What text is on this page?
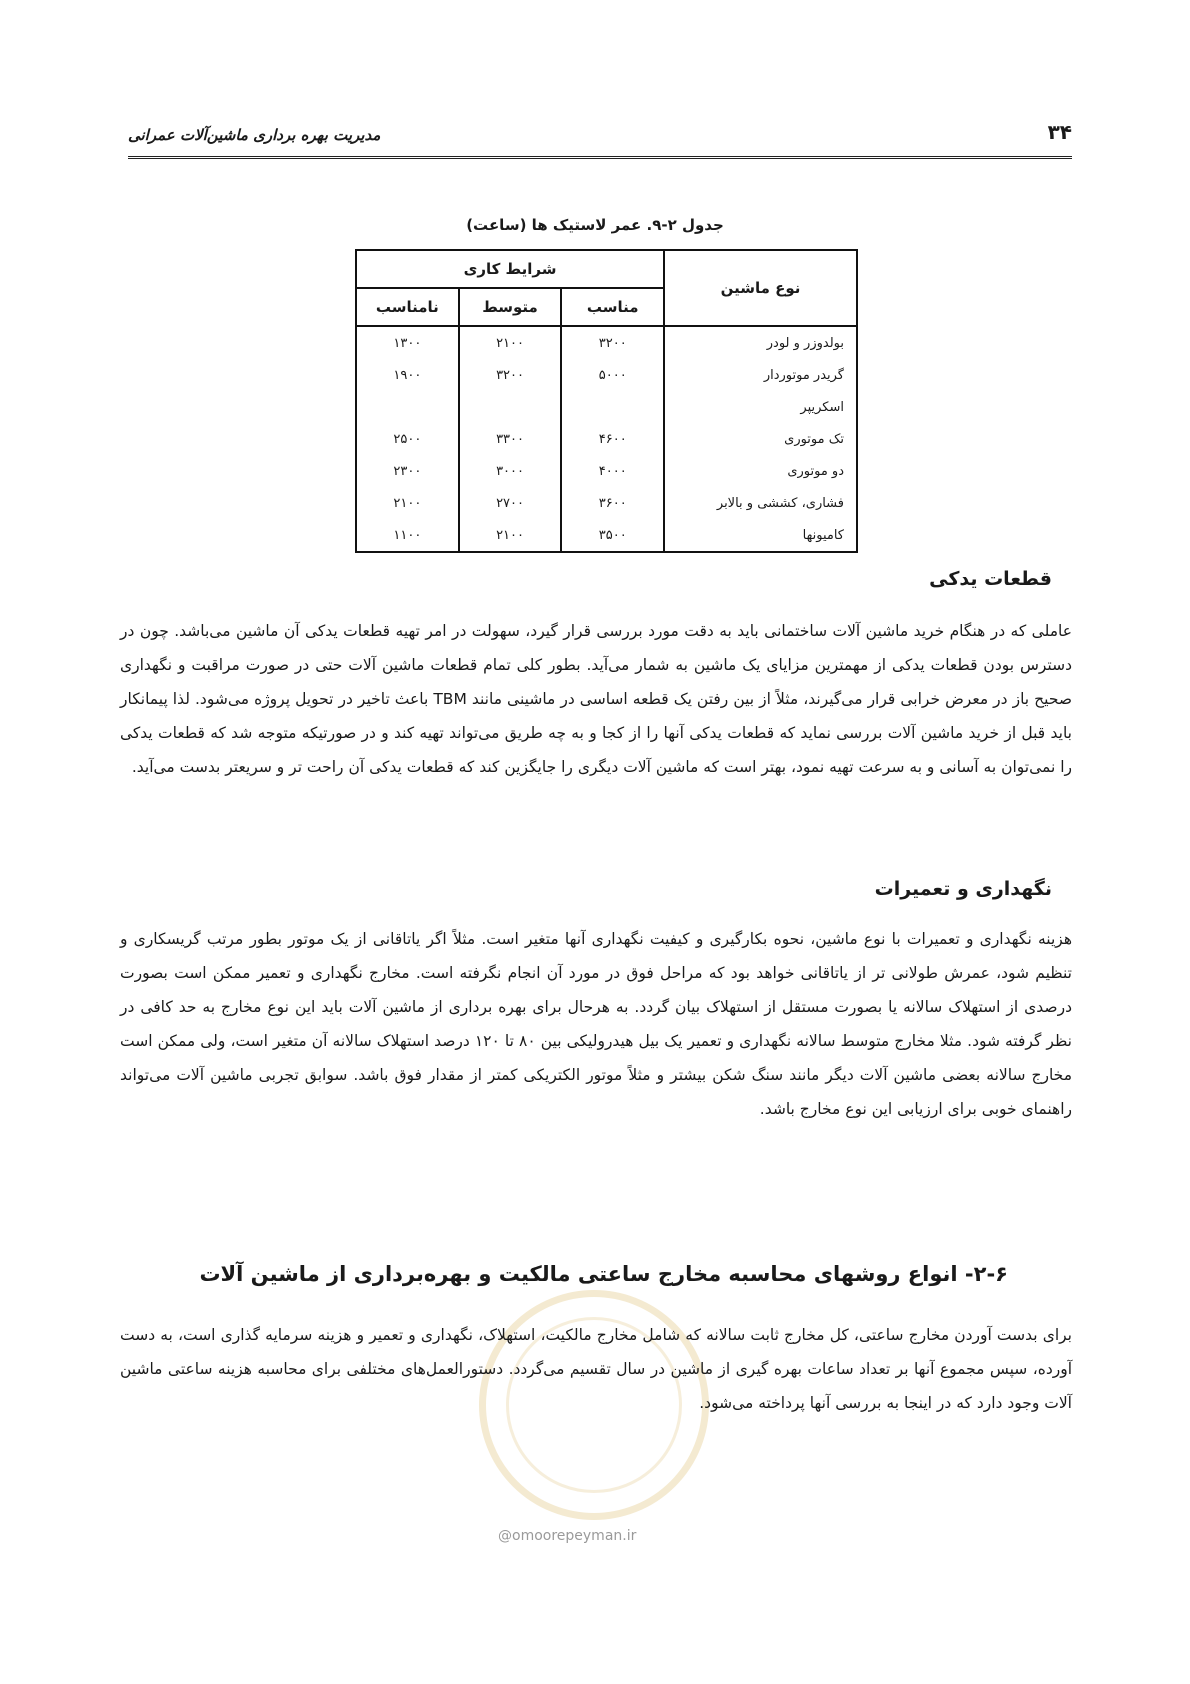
۳۴
مدیریت بهره برداری ماشین‌آلات عمرانی
جدول ۲-۹. عمر لاستیک ها (ساعت)
نوع ماشین	شرایط کاری		
	مناسب	متوسط	نامناسب
بولدوزر و لودر	۳۲۰۰	۲۱۰۰	۱۳۰۰
گریدر موتوردار	۵۰۰۰	۳۲۰۰	۱۹۰۰
اسکریپر			
تک موتوری	۴۶۰۰	۳۳۰۰	۲۵۰۰
دو موتوری	۴۰۰۰	۳۰۰۰	۲۳۰۰
فشاری، کششی و بالابر	۳۶۰۰	۲۷۰۰	۲۱۰۰
کامیونها	۳۵۰۰	۲۱۰۰	۱۱۰۰
قطعات یدکی
عاملی که در هنگام خرید ماشین آلات ساختمانی باید به دقت مورد بررسی قرار گیرد، سهولت در امر تهیه قطعات یدکی آن ماشین می‌باشد. چون در دسترس بودن قطعات یدکی از مهمترین مزایای یک ماشین به شمار می‌آید. بطور کلی تمام قطعات ماشین آلات حتی در صورت مراقبت و نگهداری صحیح باز در معرض خرابی قرار می‌گیرند، مثلاً از بین رفتن یک قطعه اساسی در ماشینی مانند TBM باعث تاخیر در تحویل پروژه می‌شود. لذا پیمانکار باید قبل از خرید ماشین آلات بررسی نماید که قطعات یدکی آنها را از کجا و به چه طریق می‌تواند تهیه کند و در صورتیکه متوجه شد که قطعات یدکی را نمی‌توان به آسانی و به سرعت تهیه نمود، بهتر است که ماشین آلات دیگری را جایگزین کند که قطعات یدکی آن راحت تر و سریعتر بدست می‌آید.
نگهداری و تعمیرات
هزینه نگهداری و تعمیرات با نوع ماشین، نحوه بکارگیری و کیفیت نگهداری آنها متغیر است. مثلاً اگر یاتاقانی از یک موتور بطور مرتب گریسکاری و تنظیم شود، عمرش طولانی تر از یاتاقانی خواهد بود که مراحل فوق در مورد آن انجام نگرفته است. مخارج نگهداری و تعمیر ممکن است بصورت درصدی از استهلاک سالانه یا بصورت مستقل از استهلاک بیان گردد. به هرحال برای بهره برداری از ماشین آلات باید این نوع مخارج به حد کافی در نظر گرفته شود. مثلا مخارج متوسط سالانه نگهداری و تعمیر یک بیل هیدرولیکی بین ۸۰ تا ۱۲۰ درصد استهلاک سالانه آن متغیر است، ولی ممکن است مخارج سالانه بعضی ماشین آلات دیگر مانند سنگ شکن بیشتر و مثلاً موتور الکتریکی کمتر از مقدار فوق باشد. سوابق تجربی ماشین آلات می‌تواند راهنمای خوبی برای ارزیابی این نوع مخارج باشد.
@omoorepeyman.ir
۲-۶- انواع روشهای محاسبه مخارج ساعتی مالکیت و بهره‌برداری از ماشین آلات
برای بدست آوردن مخارج ساعتی، کل مخارج ثابت سالانه که شامل مخارج مالکیت، استهلاک، نگهداری و تعمیر و هزینه سرمایه گذاری است، به دست آورده، سپس مجموع آنها بر تعداد ساعات بهره گیری از ماشین در سال تقسیم می‌گردد. دستورالعمل‌های مختلفی برای محاسبه هزینه ساعتی ماشین آلات وجود دارد که در اینجا به بررسی آنها پرداخته می‌شود.
